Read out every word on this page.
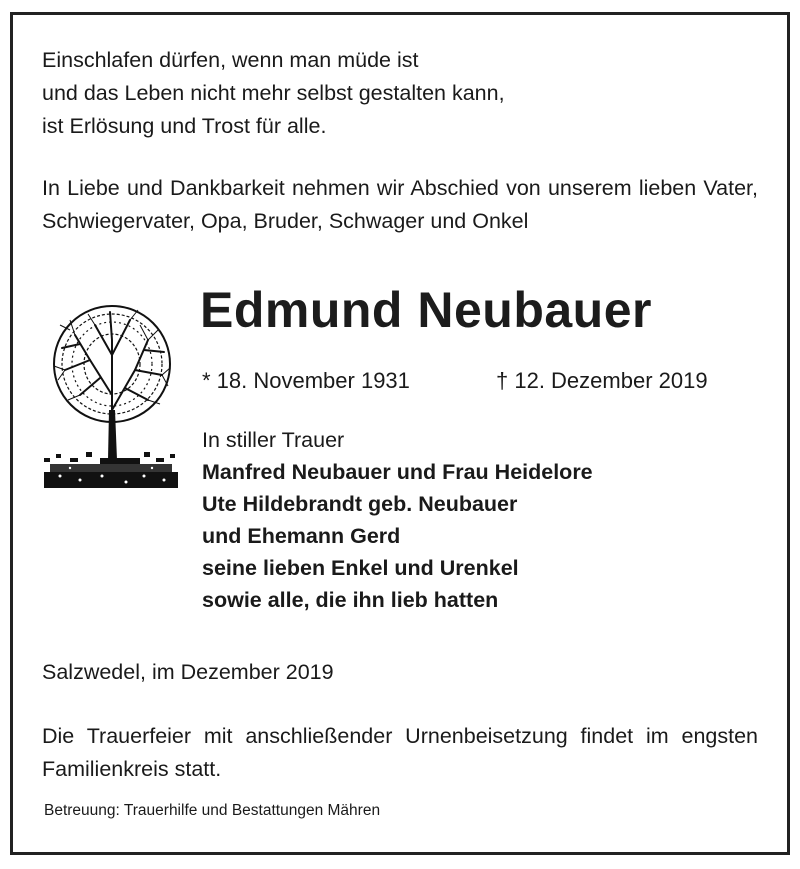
Einschlafen dürfen, wenn man müde ist
und das Leben nicht mehr selbst gestalten kann,
ist Erlösung und Trost für alle.
In Liebe und Dankbarkeit nehmen wir Abschied von unserem lieben Vater, Schwiegervater, Opa, Bruder, Schwager und Onkel
Edmund Neubauer
* 18. November 1931	† 12. Dezember 2019
In stiller Trauer
Manfred Neubauer und Frau Heidelore
Ute Hildebrandt geb. Neubauer
und Ehemann Gerd
seine lieben Enkel und Urenkel
sowie alle, die ihn lieb hatten
Salzwedel, im Dezember 2019
Die Trauerfeier mit anschließender Urnenbeisetzung findet im engsten Familienkreis statt.
Betreuung: Trauerhilfe und Bestattungen Mähren
